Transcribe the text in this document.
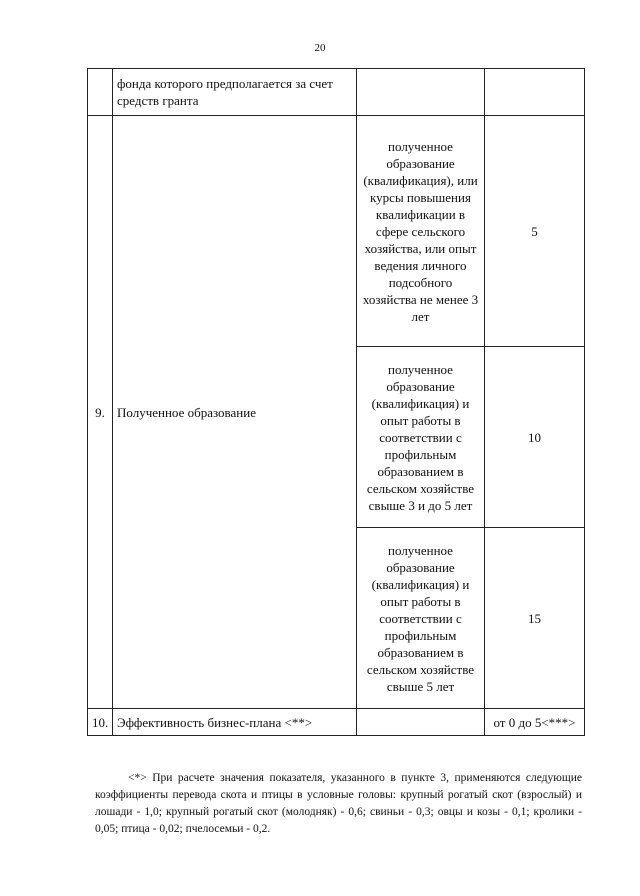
20
	фонда которого предполагается за счет средств гранта		
9.	Полученное образование	полученное образование (квалификация), или курсы повышения квалификации в сфере сельского хозяйства, или опыт ведения личного подсобного хозяйства не менее 3 лет	5
		полученное образование (квалификация) и опыт работы в соответствии с профильным образованием в сельском хозяйстве свыше 3 и до 5 лет	10
		полученное образование (квалификация) и опыт работы в соответствии с профильным образованием в сельском хозяйстве свыше 5 лет	15
10.	Эффективность бизнес-плана <**>		от 0 до 5<***>
<*> При расчете значения показателя, указанного в пункте 3, применяются следующие коэффициенты перевода скота и птицы в условные головы: крупный рогатый скот (взрослый) и лошади - 1,0; крупный рогатый скот (молодняк) - 0,6; свиньи - 0,3; овцы и козы - 0,1; кролики - 0,05; птица - 0,02; пчелосемьи - 0,2.
